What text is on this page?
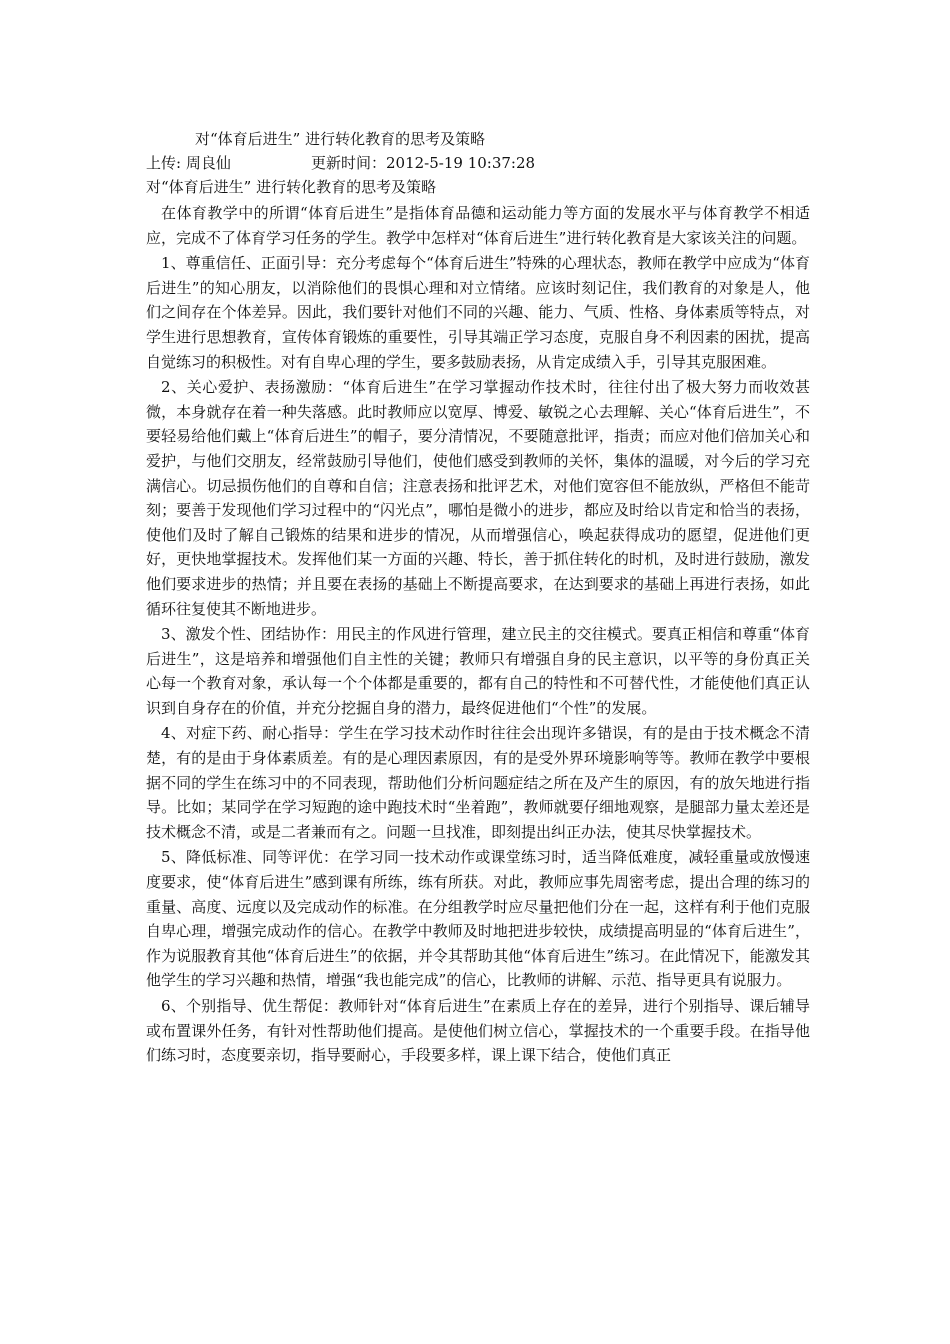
对“体育后进生” 进行转化教育的思考及策略
上传: 周良仙	更新时间：2012-5-19 10:37:28
对“体育后进生” 进行转化教育的思考及策略

在体育教学中的所谓“体育后进生”是指体育品德和运动能力等方面的发展水平与体育教学不相适应，完成不了体育学习任务的学生。教学中怎样对“体育后进生”进行转化教育是大家该关注的问题。

1、尊重信任、正面引导：充分考虑每个“体育后进生”特殊的心理状态，教师在教学中应成为“体育后进生”的知心朋友，以消除他们的畏惧心理和对立情绪。应该时刻记住，我们教育的对象是人，他们之间存在个体差异。因此，我们要针对他们不同的兴趣、能力、气质、性格、身体素质等特点，对学生进行思想教育，宣传体育锻炼的重要性，引导其端正学习态度，克服自身不利因素的困扰，提高自觉练习的积极性。对有自卑心理的学生，要多鼓励表扬，从肯定成绩入手，引导其克服困难。

2、关心爱护、表扬激励：“体育后进生”在学习掌握动作技术时，往往付出了极大努力而收效甚微，本身就存在着一种失落感。此时教师应以宽厚、博爱、敏锐之心去理解、关心“体育后进生”，不要轻易给他们戴上“体育后进生”的帽子，要分清情况，不要随意批评，指责；而应对他们倍加关心和爱护，与他们交朋友，经常鼓励引导他们，使他们感受到教师的关怀，集体的温暖，对今后的学习充满信心。切忌损伤他们的自尊和自信；注意表扬和批评艺术，对他们宽容但不能放纵，严格但不能苛刻；要善于发现他们学习过程中的“闪光点”，哪怕是微小的进步，都应及时给以肯定和恰当的表扬，使他们及时了解自己锻炼的结果和进步的情况，从而增强信心，唤起获得成功的愿望，促进他们更好，更快地掌握技术。发挥他们某一方面的兴趣、特长，善于抓住转化的时机，及时进行鼓励，激发他们要求进步的热情；并且要在表扬的基础上不断提高要求，在达到要求的基础上再进行表扬，如此循环往复使其不断地进步。

3、激发个性、团结协作：用民主的作风进行管理，建立民主的交往模式。要真正相信和尊重“体育后进生”，这是培养和增强他们自主性的关键；教师只有增强自身的民主意识，以平等的身份真正关心每一个教育对象，承认每一个个体都是重要的，都有自己的特性和不可替代性，才能使他们真正认识到自身存在的价值，并充分挖掘自身的潜力，最终促进他们“个性”的发展。

4、对症下药、耐心指导：学生在学习技术动作时往往会出现许多错误，有的是由于技术概念不清楚，有的是由于身体素质差。有的是心理因素原因，有的是受外界环境影响等等。教师在教学中要根据不同的学生在练习中的不同表现，帮助他们分析问题症结之所在及产生的原因，有的放矢地进行指导。比如；某同学在学习短跑的途中跑技术时“坐着跑”，教师就要仔细地观察，是腿部力量太差还是技术概念不清，或是二者兼而有之。问题一旦找准，即刻提出纠正办法，使其尽快掌握技术。

5、降低标准、同等评优：在学习同一技术动作或课堂练习时，适当降低难度，减轻重量或放慢速度要求，使“体育后进生”感到课有所练，练有所获。对此，教师应事先周密考虑，提出合理的练习的重量、高度、远度以及完成动作的标准。在分组教学时应尽量把他们分在一起，这样有利于他们克服自卑心理，增强完成动作的信心。在教学中教师及时地把进步较快，成绩提高明显的“体育后进生”，作为说服教育其他“体育后进生”的依据，并令其帮助其他“体育后进生”练习。在此情况下，能激发其他学生的学习兴趣和热情，增强“我也能完成”的信心，比教师的讲解、示范、指导更具有说服力。

6、个别指导、优生帮促：教师针对“体育后进生”在素质上存在的差异，进行个别指导、课后辅导或布置课外任务，有针对性帮助他们提高。是使他们树立信心，掌握技术的一个重要手段。在指导他们练习时，态度要亲切，指导要耐心，手段要多样，课上课下结合，使他们真正
